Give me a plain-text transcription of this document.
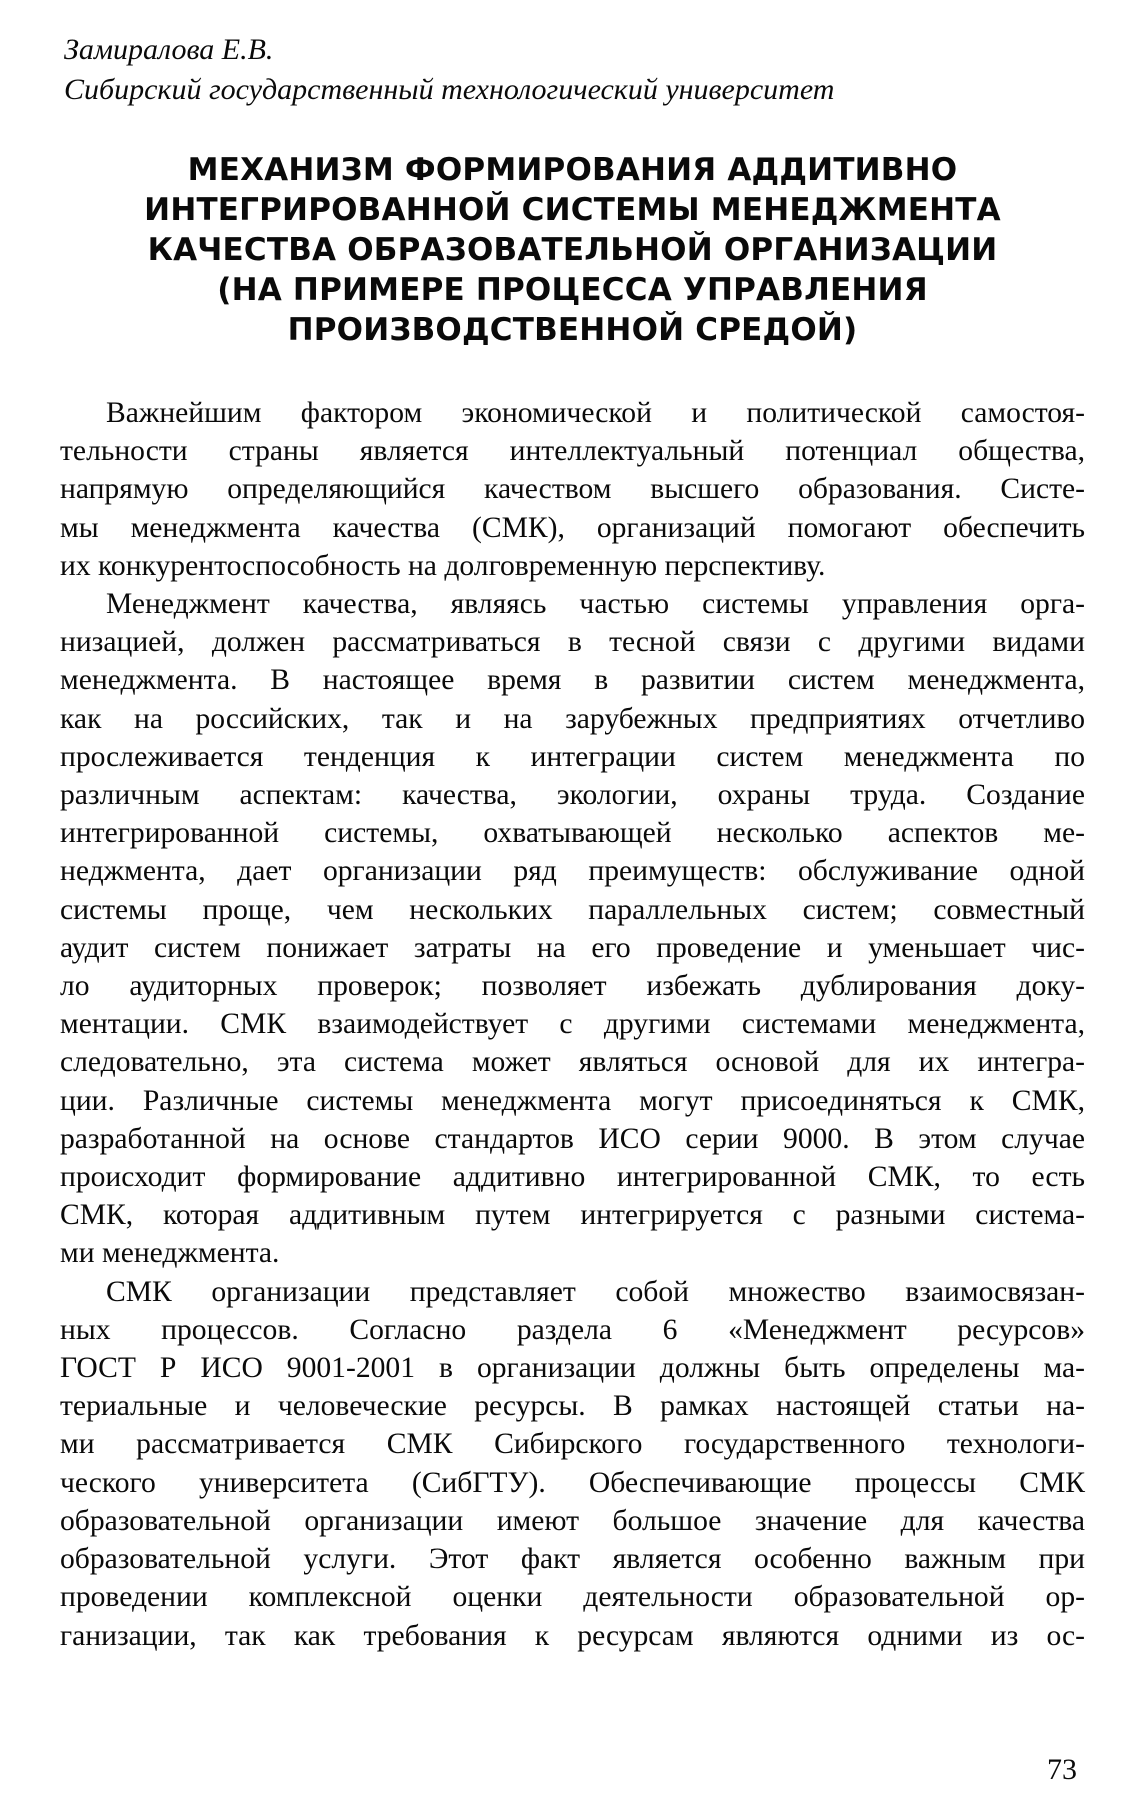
Замиралова Е.В.

Сибирский государственный технологический университет

МЕХАНИЗМ ФОРМИРОВАНИЯ АДДИТИВНО
ИНТЕГРИРОВАННОЙ СИСТЕМЫ МЕНЕДЖМЕНТА
КАЧЕСТВА ОБРАЗОВАТЕЛЬНОЙ ОРГАНИЗАЦИИ
(НА ПРИМЕРЕ ПРОЦЕССА УПРАВЛЕНИЯ
ПРОИЗВОДСТВЕННОЙ СРЕДОЙ)
Важнейшим фактором экономической и политической самостоя-
тельности страны является интеллектуальный потенциал общества,
напрямую определяющийся качеством высшего образования. Систе-
мы менеджмента качества (СМК), организаций помогают обеспечить
их конкурентоспособность на долговременную перспективу.
Менеджмент качества, являясь частью системы управления орга-
низацией, должен рассматриваться в тесной связи с другими видами
менеджмента. В настоящее время в развитии систем менеджмента,
как на российских, так и на зарубежных предприятиях отчетливо
прослеживается тенденция к интеграции систем менеджмента по
различным аспектам: качества, экологии, охраны труда. Создание
интегрированной системы, охватывающей несколько аспектов ме-
неджмента, дает организации ряд преимуществ: обслуживание одной
системы проще, чем нескольких параллельных систем; совместный
аудит систем понижает затраты на его проведение и уменьшает чис-
ло аудиторных проверок; позволяет избежать дублирования доку-
ментации. СМК взаимодействует с другими системами менеджмента,
следовательно, эта система может являться основой для их интегра-
ции. Различные системы менеджмента могут присоединяться к СМК,
разработанной на основе стандартов ИСО серии 9000. В этом случае
происходит формирование аддитивно интегрированной СМК, то есть
СМК, которая аддитивным путем интегрируется с разными система-
ми менеджмента.
СМК организации представляет собой множество взаимосвязан-
ных процессов. Согласно раздела 6 «Менеджмент ресурсов»
ГОСТ Р ИСО 9001-2001 в организации должны быть определены ма-
териальные и человеческие ресурсы. В рамках настоящей статьи на-
ми рассматривается СМК Сибирского государственного технологи-
ческого университета (СибГТУ). Обеспечивающие процессы СМК
образовательной организации имеют большое значение для качества
образовательной услуги. Этот факт является особенно важным при
проведении комплексной оценки деятельности образовательной ор-
ганизации, так как требования к ресурсам являются одними из ос-
73
